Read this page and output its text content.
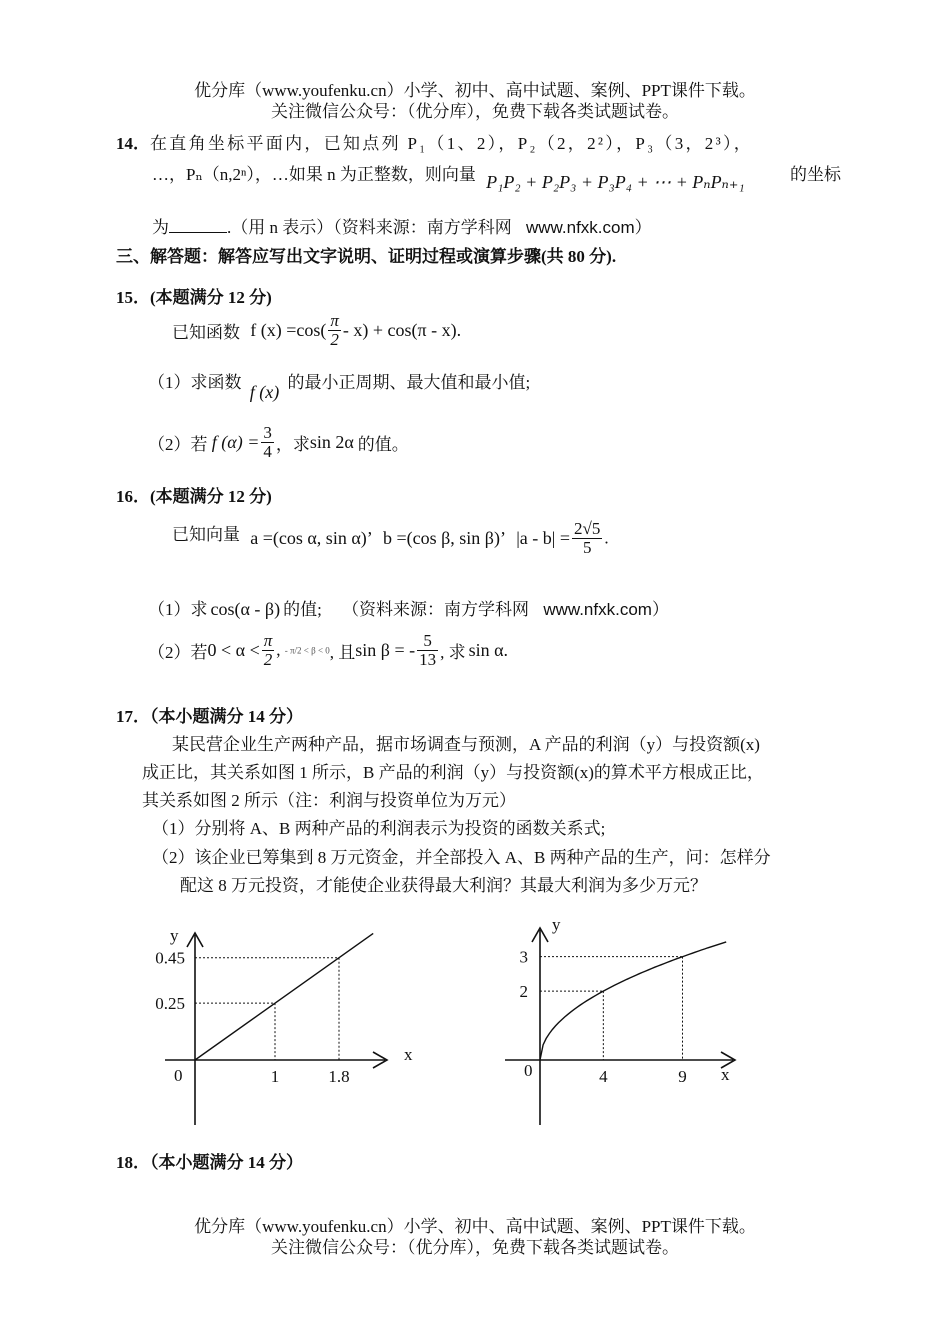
优分库（www.youfenku.cn）小学、初中、高中试题、案例、PPT课件下载。
关注微信公众号：（优分库），免费下载各类试题试卷。
14．在直角坐标平面内，已知点列 P₁（1、2），P₂（2，2²），P₃（3，2³），
…，Pₙ（n,2ⁿ），…如果 n 为正整数，则向量 P₁P₂ + P₂P₃ + P₃P₄ + ⋯ + PₙPₙ₊₁	的坐标
为	.（用 n 表示）（资料来源：南方学科网 www.nfxk.com）
三、解答题：解答应写出文字说明、证明过程或演算步骤(共 80 分).
15．(本题满分 12 分)
已知函数 f $(x) =\cos( \frac{\pi}{2} - x) + \cos(\pi - x)$.
（1）求函数 f (x) 的最小正周期、最大值和最小值;
（2）若 f $(\alpha) = \frac{3}{4}$ ，求sin 2α 的值。
16．(本题满分 12 分)
已知向量 a =(cos α, sin α)’ b =(cos β, sin β)’ $|a - b| = \frac{2√5}{5}$ .
（1）求 cos(α - β) 的值; （资料来源：南方学科网 www.nfxk.com）
（2）若$0 < \alpha < \frac{\pi}{2}$ , - π/2 < β < 0, 且sin β = - $\frac{5}{13}$ , 求 sin α.
17．（本小题满分 14 分）
某民营企业生产两种产品，据市场调查与预测，A 产品的利润（y）与投资额(x)
成正比，其关系如图 1 所示，B 产品的利润（y）与投资额(x)的算术平方根成正比，
其关系如图 2 所示（注：利润与投资单位为万元）
（1）分别将 A、B 两种产品的利润表示为投资的函数关系式;
（2）该企业已筹集到 8 万元资金，并全部投入 A、B 两种产品的生产，问：怎样分
配这 8 万元投资，才能使企业获得最大利润？其最大利润为多少万元？
y
x
0
0.25
0.45
1	1.8
y
x
0
2
3
4	9
18．（本小题满分 14 分）
优分库（www.youfenku.cn）小学、初中、高中试题、案例、PPT课件下载。
关注微信公众号：（优分库），免费下载各类试题试卷。
